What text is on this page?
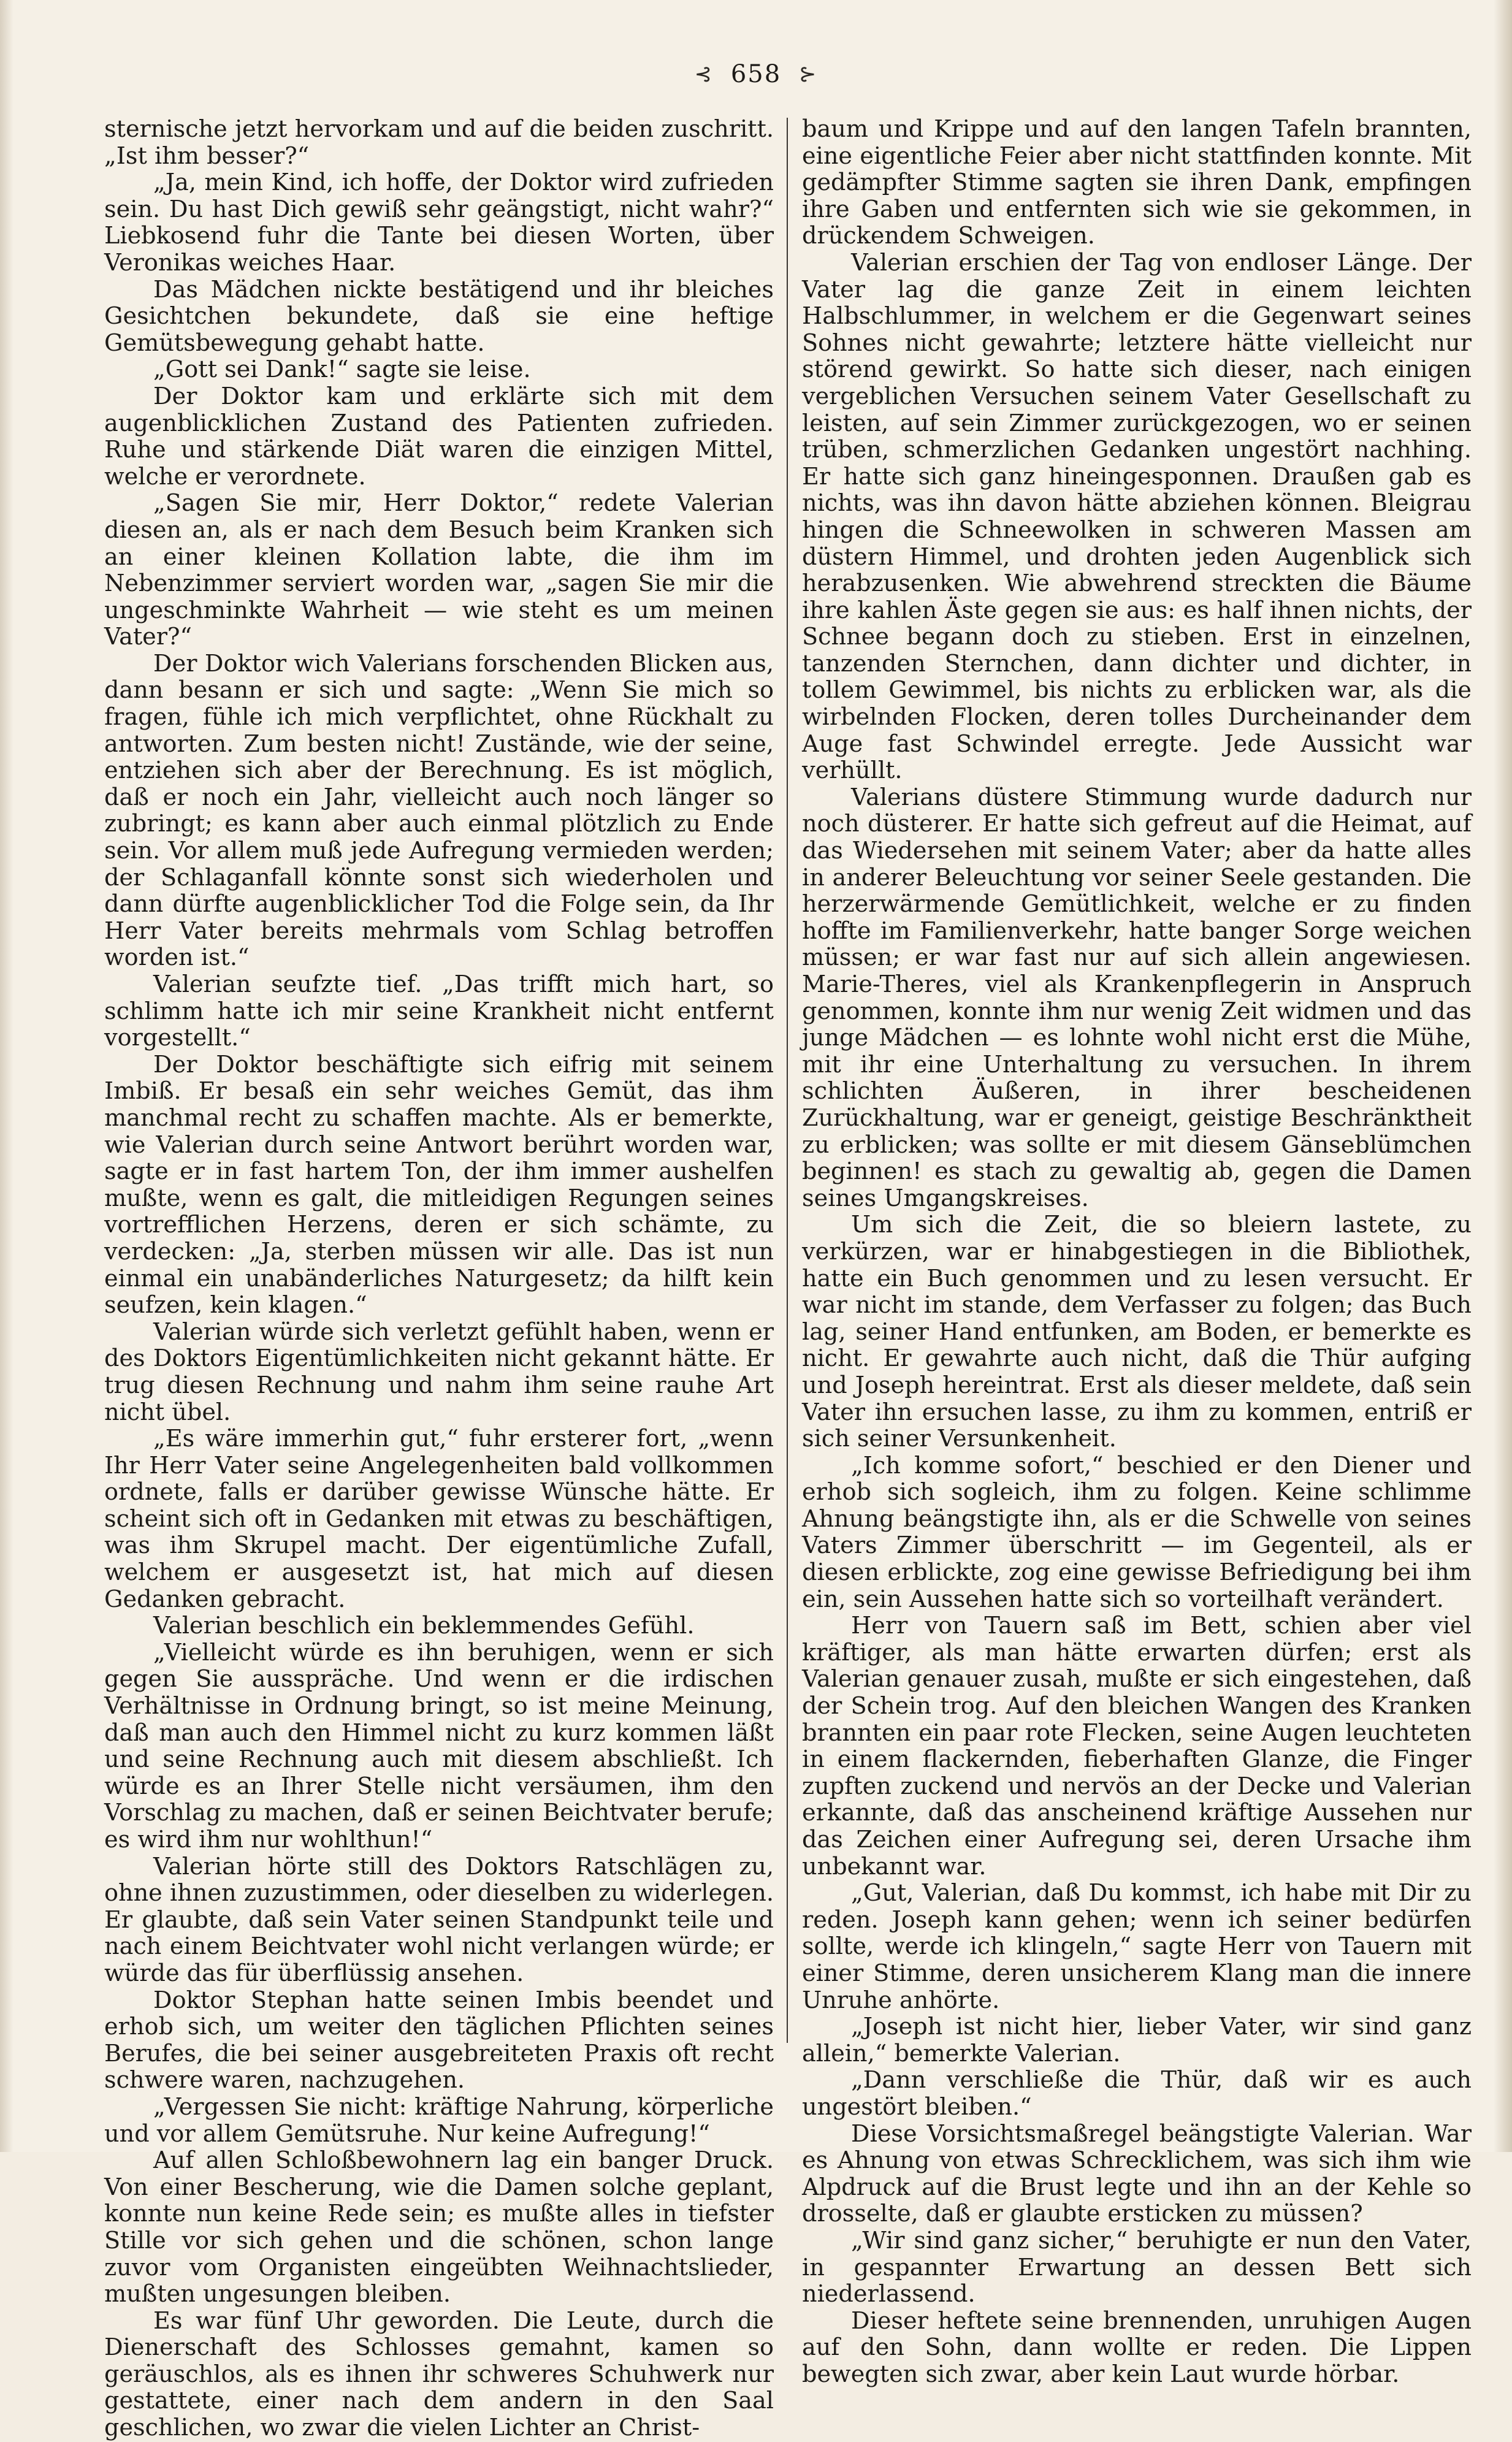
⊰ 658 ⊱

sternische jetzt hervorkam und auf die beiden zuschritt. „Ist ihm besser?“

„Ja, mein Kind, ich hoffe, der Doktor wird zufrieden sein. Du hast Dich gewiß sehr geängstigt, nicht wahr?“ Liebkosend fuhr die Tante bei diesen Worten, über Veronikas weiches Haar.

Das Mädchen nickte bestätigend und ihr bleiches Gesichtchen bekundete, daß sie eine heftige Gemütsbewegung gehabt hatte.

„Gott sei Dank!“ sagte sie leise.

Der Doktor kam und erklärte sich mit dem augenblicklichen Zustand des Patienten zufrieden. Ruhe und stärkende Diät waren die einzigen Mittel, welche er verordnete.

„Sagen Sie mir, Herr Doktor,“ redete Valerian diesen an, als er nach dem Besuch beim Kranken sich an einer kleinen Kollation labte, die ihm im Nebenzimmer serviert worden war, „sagen Sie mir die ungeschminkte Wahrheit — wie steht es um meinen Vater?“

Der Doktor wich Valerians forschenden Blicken aus, dann besann er sich und sagte: „Wenn Sie mich so fragen, fühle ich mich verpflichtet, ohne Rückhalt zu antworten. Zum besten nicht! Zustände, wie der seine, entziehen sich aber der Berechnung. Es ist möglich, daß er noch ein Jahr, vielleicht auch noch länger so zubringt; es kann aber auch einmal plötzlich zu Ende sein. Vor allem muß jede Aufregung vermieden werden; der Schlaganfall könnte sonst sich wiederholen und dann dürfte augenblicklicher Tod die Folge sein, da Ihr Herr Vater bereits mehrmals vom Schlag betroffen worden ist.“

Valerian seufzte tief. „Das trifft mich hart, so schlimm hatte ich mir seine Krankheit nicht entfernt vorgestellt.“

Der Doktor beschäftigte sich eifrig mit seinem Imbiß. Er besaß ein sehr weiches Gemüt, das ihm manchmal recht zu schaffen machte. Als er bemerkte, wie Valerian durch seine Antwort berührt worden war, sagte er in fast hartem Ton, der ihm immer aushelfen mußte, wenn es galt, die mitleidigen Regungen seines vortrefflichen Herzens, deren er sich schämte, zu verdecken: „Ja, sterben müssen wir alle. Das ist nun einmal ein unabänderliches Naturgesetz; da hilft kein seufzen, kein klagen.“

Valerian würde sich verletzt gefühlt haben, wenn er des Doktors Eigentümlichkeiten nicht gekannt hätte. Er trug diesen Rechnung und nahm ihm seine rauhe Art nicht übel.

„Es wäre immerhin gut,“ fuhr ersterer fort, „wenn Ihr Herr Vater seine Angelegenheiten bald vollkommen ordnete, falls er darüber gewisse Wünsche hätte. Er scheint sich oft in Gedanken mit etwas zu beschäftigen, was ihm Skrupel macht. Der eigentümliche Zufall, welchem er ausgesetzt ist, hat mich auf diesen Gedanken gebracht.

Valerian beschlich ein beklemmendes Gefühl.

„Vielleicht würde es ihn beruhigen, wenn er sich gegen Sie ausspräche. Und wenn er die irdischen Verhältnisse in Ordnung bringt, so ist meine Meinung, daß man auch den Himmel nicht zu kurz kommen läßt und seine Rechnung auch mit diesem abschließt. Ich würde es an Ihrer Stelle nicht versäumen, ihm den Vorschlag zu machen, daß er seinen Beichtvater berufe; es wird ihm nur wohlthun!“

Valerian hörte still des Doktors Ratschlägen zu, ohne ihnen zuzustimmen, oder dieselben zu widerlegen. Er glaubte, daß sein Vater seinen Standpunkt teile und nach einem Beichtvater wohl nicht verlangen würde; er würde das für überflüssig ansehen.

Doktor Stephan hatte seinen Imbis beendet und erhob sich, um weiter den täglichen Pflichten seines Berufes, die bei seiner ausgebreiteten Praxis oft recht schwere waren, nachzugehen.

„Vergessen Sie nicht: kräftige Nahrung, körperliche und vor allem Gemütsruhe. Nur keine Aufregung!“

Auf allen Schloßbewohnern lag ein banger Druck. Von einer Bescherung, wie die Damen solche geplant, konnte nun keine Rede sein; es mußte alles in tiefster Stille vor sich gehen und die schönen, schon lange zuvor vom Organisten eingeübten Weihnachtslieder, mußten ungesungen bleiben.

Es war fünf Uhr geworden. Die Leute, durch die Dienerschaft des Schlosses gemahnt, kamen so geräuschlos, als es ihnen ihr schweres Schuhwerk nur gestattete, einer nach dem andern in den Saal geschlichen, wo zwar die vielen Lichter an Christ-

baum und Krippe und auf den langen Tafeln brannten, eine eigentliche Feier aber nicht stattfinden konnte. Mit gedämpfter Stimme sagten sie ihren Dank, empfingen ihre Gaben und entfernten sich wie sie gekommen, in drückendem Schweigen.

Valerian erschien der Tag von endloser Länge. Der Vater lag die ganze Zeit in einem leichten Halbschlummer, in welchem er die Gegenwart seines Sohnes nicht gewahrte; letztere hätte vielleicht nur störend gewirkt. So hatte sich dieser, nach einigen vergeblichen Versuchen seinem Vater Gesellschaft zu leisten, auf sein Zimmer zurückgezogen, wo er seinen trüben, schmerzlichen Gedanken ungestört nachhing. Er hatte sich ganz hineingesponnen. Draußen gab es nichts, was ihn davon hätte abziehen können. Bleigrau hingen die Schneewolken in schweren Massen am düstern Himmel, und drohten jeden Augenblick sich herabzusenken. Wie abwehrend streckten die Bäume ihre kahlen Äste gegen sie aus: es half ihnen nichts, der Schnee begann doch zu stieben. Erst in einzelnen, tanzenden Sternchen, dann dichter und dichter, in tollem Gewimmel, bis nichts zu erblicken war, als die wirbelnden Flocken, deren tolles Durcheinander dem Auge fast Schwindel erregte. Jede Aussicht war verhüllt.

Valerians düstere Stimmung wurde dadurch nur noch düsterer. Er hatte sich gefreut auf die Heimat, auf das Wiedersehen mit seinem Vater; aber da hatte alles in anderer Beleuchtung vor seiner Seele gestanden. Die herzerwärmende Gemütlichkeit, welche er zu finden hoffte im Familienverkehr, hatte banger Sorge weichen müssen; er war fast nur auf sich allein angewiesen. Marie-Theres, viel als Krankenpflegerin in Anspruch genommen, konnte ihm nur wenig Zeit widmen und das junge Mädchen — es lohnte wohl nicht erst die Mühe, mit ihr eine Unterhaltung zu versuchen. In ihrem schlichten Äußeren, in ihrer bescheidenen Zurückhaltung, war er geneigt, geistige Beschränktheit zu erblicken; was sollte er mit diesem Gänseblümchen beginnen! es stach zu gewaltig ab, gegen die Damen seines Umgangskreises.

Um sich die Zeit, die so bleiern lastete, zu verkürzen, war er hinabgestiegen in die Bibliothek, hatte ein Buch genommen und zu lesen versucht. Er war nicht im stande, dem Verfasser zu folgen; das Buch lag, seiner Hand entfunken, am Boden, er bemerkte es nicht. Er gewahrte auch nicht, daß die Thür aufging und Joseph hereintrat. Erst als dieser meldete, daß sein Vater ihn ersuchen lasse, zu ihm zu kommen, entriß er sich seiner Versunkenheit.

„Ich komme sofort,“ beschied er den Diener und erhob sich sogleich, ihm zu folgen. Keine schlimme Ahnung beängstigte ihn, als er die Schwelle von seines Vaters Zimmer überschritt — im Gegenteil, als er diesen erblickte, zog eine gewisse Befriedigung bei ihm ein, sein Aussehen hatte sich so vorteilhaft verändert.

Herr von Tauern saß im Bett, schien aber viel kräftiger, als man hätte erwarten dürfen; erst als Valerian genauer zusah, mußte er sich eingestehen, daß der Schein trog. Auf den bleichen Wangen des Kranken brannten ein paar rote Flecken, seine Augen leuchteten in einem flackernden, fieberhaften Glanze, die Finger zupften zuckend und nervös an der Decke und Valerian erkannte, daß das anscheinend kräftige Aussehen nur das Zeichen einer Aufregung sei, deren Ursache ihm unbekannt war.

„Gut, Valerian, daß Du kommst, ich habe mit Dir zu reden. Joseph kann gehen; wenn ich seiner bedürfen sollte, werde ich klingeln,“ sagte Herr von Tauern mit einer Stimme, deren unsicherem Klang man die innere Unruhe anhörte.

„Joseph ist nicht hier, lieber Vater, wir sind ganz allein,“ bemerkte Valerian.

„Dann verschließe die Thür, daß wir es auch ungestört bleiben.“

Diese Vorsichtsmaßregel beängstigte Valerian. War es Ahnung von etwas Schrecklichem, was sich ihm wie Alpdruck auf die Brust legte und ihn an der Kehle so drosselte, daß er glaubte ersticken zu müssen?

„Wir sind ganz sicher,“ beruhigte er nun den Vater, in gespannter Erwartung an dessen Bett sich niederlassend.

Dieser heftete seine brennenden, unruhigen Augen auf den Sohn, dann wollte er reden. Die Lippen bewegten sich zwar, aber kein Laut wurde hörbar.
